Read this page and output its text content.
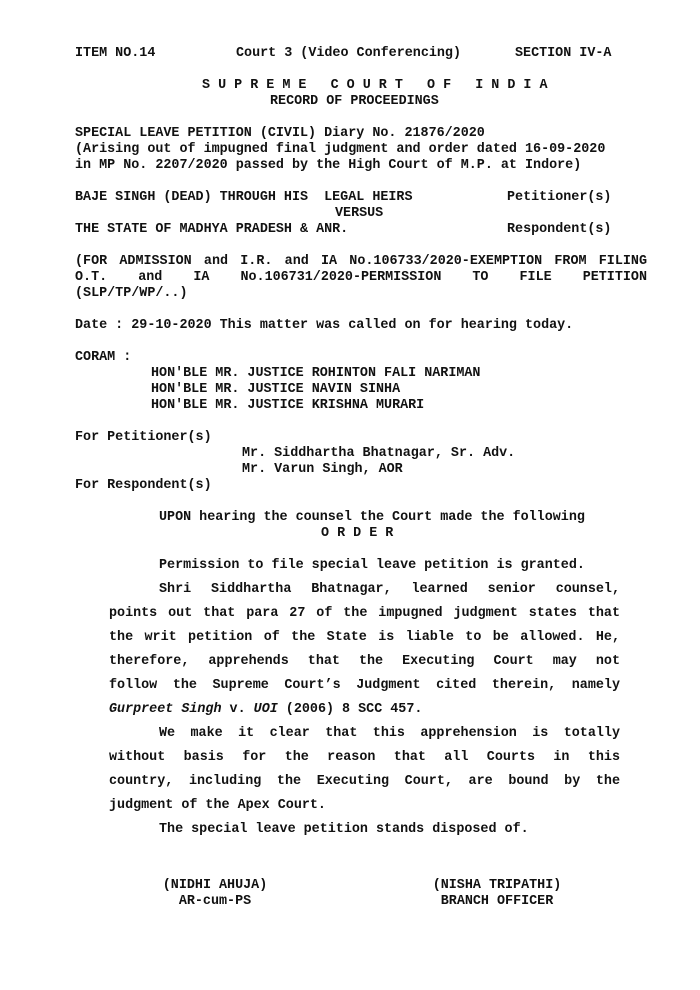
ITEM NO.14	Court 3 (Video Conferencing)	SECTION IV-A
S U P R E M E   C O U R T   O F   I N D I A
RECORD OF PROCEEDINGS
SPECIAL LEAVE PETITION (CIVIL) Diary No. 21876/2020
(Arising out of impugned final judgment and order dated 16-09-2020
in MP No. 2207/2020 passed by the High Court of M.P. at Indore)
BAJE SINGH (DEAD) THROUGH HIS  LEGAL HEIRS	Petitioner(s)
VERSUS
THE STATE OF MADHYA PRADESH & ANR.	Respondent(s)
(FOR ADMISSION and I.R. and IA No.106733/2020-EXEMPTION FROM FILING
O.T. and IA No.106731/2020-PERMISSION TO FILE PETITION
(SLP/TP/WP/..)
Date : 29-10-2020 This matter was called on for hearing today.
CORAM :
HON'BLE MR. JUSTICE ROHINTON FALI NARIMAN
HON'BLE MR. JUSTICE NAVIN SINHA
HON'BLE MR. JUSTICE KRISHNA MURARI
For Petitioner(s)
Mr. Siddhartha Bhatnagar, Sr. Adv.
Mr. Varun Singh, AOR
For Respondent(s)
UPON hearing the counsel the Court made the following
O R D E R
Permission to file special leave petition is granted.
Shri Siddhartha Bhatnagar, learned senior counsel,
points out that para 27 of the impugned judgment states that
the writ petition of the State is liable to be allowed. He,
therefore, apprehends that the Executing Court may not
follow the Supreme Court’s Judgment cited therein, namely
Gurpreet Singh v. UOI (2006) 8 SCC 457.
We make it clear that this apprehension is totally
without basis for the reason that all Courts in this
country, including the Executing Court, are bound by the
judgment of the Apex Court.
The special leave petition stands disposed of.
(NIDHI AHUJA)
AR-cum-PS
(NISHA TRIPATHI)
BRANCH OFFICER
